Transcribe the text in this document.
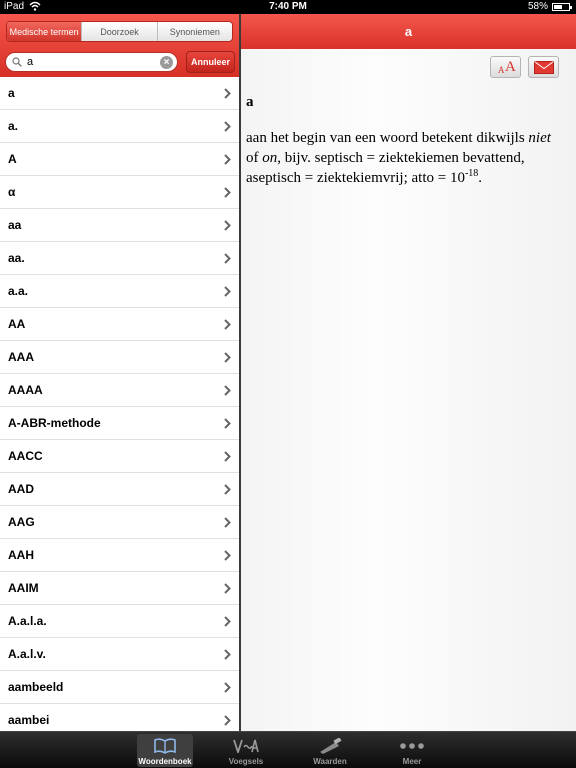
iPad	7:40 PM	58%
Medische termen	Doorzoek	Synoniemen
a	×	Annuleer
a
a.
A
α
aa
aa.
a.a.
AA
AAA
AAAA
A-ABR-methode
AACC
AAD
AAG
AAH
AAIM
A.a.l.a.
A.a.l.v.
aambeeld
aambei
a
A A
a
aan het begin van een woord betekent dikwijls niet of on, bijv. septisch = ziektekiemen bevattend, aseptisch = ziektekiemvrij; atto = $10^{-18}$.
Woordenboek	Voegsels	Waarden	Meer
